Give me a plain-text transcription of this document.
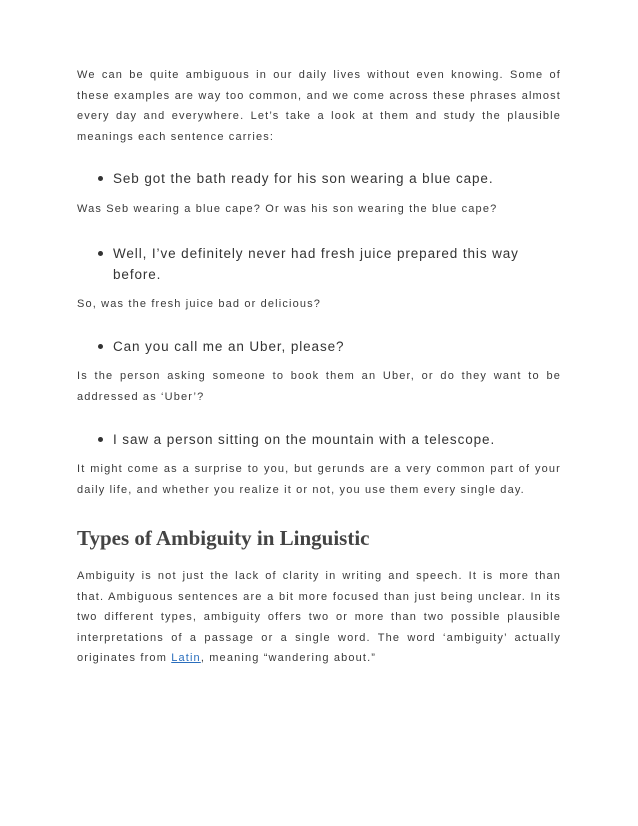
We can be quite ambiguous in our daily lives without even knowing. Some of these examples are way too common, and we come across these phrases almost every day and everywhere. Let’s take a look at them and study the plausible meanings each sentence carries:

Seb got the bath ready for his son wearing a blue cape.

Was Seb wearing a blue cape? Or was his son wearing the blue cape?

Well, I’ve definitely never had fresh juice prepared this way before.

So, was the fresh juice bad or delicious?

Can you call me an Uber, please?

Is the person asking someone to book them an Uber, or do they want to be addressed as ‘Uber’?

I saw a person sitting on the mountain with a telescope.

It might come as a surprise to you, but gerunds are a very common part of your daily life, and whether you realize it or not, you use them every single day.

Types of Ambiguity in Linguistic

Ambiguity is not just the lack of clarity in writing and speech. It is more than that. Ambiguous sentences are a bit more focused than just being unclear. In its two different types, ambiguity offers two or more than two possible plausible interpretations of a passage or a single word. The word ‘ambiguity’ actually originates from Latin, meaning “wandering about.”
